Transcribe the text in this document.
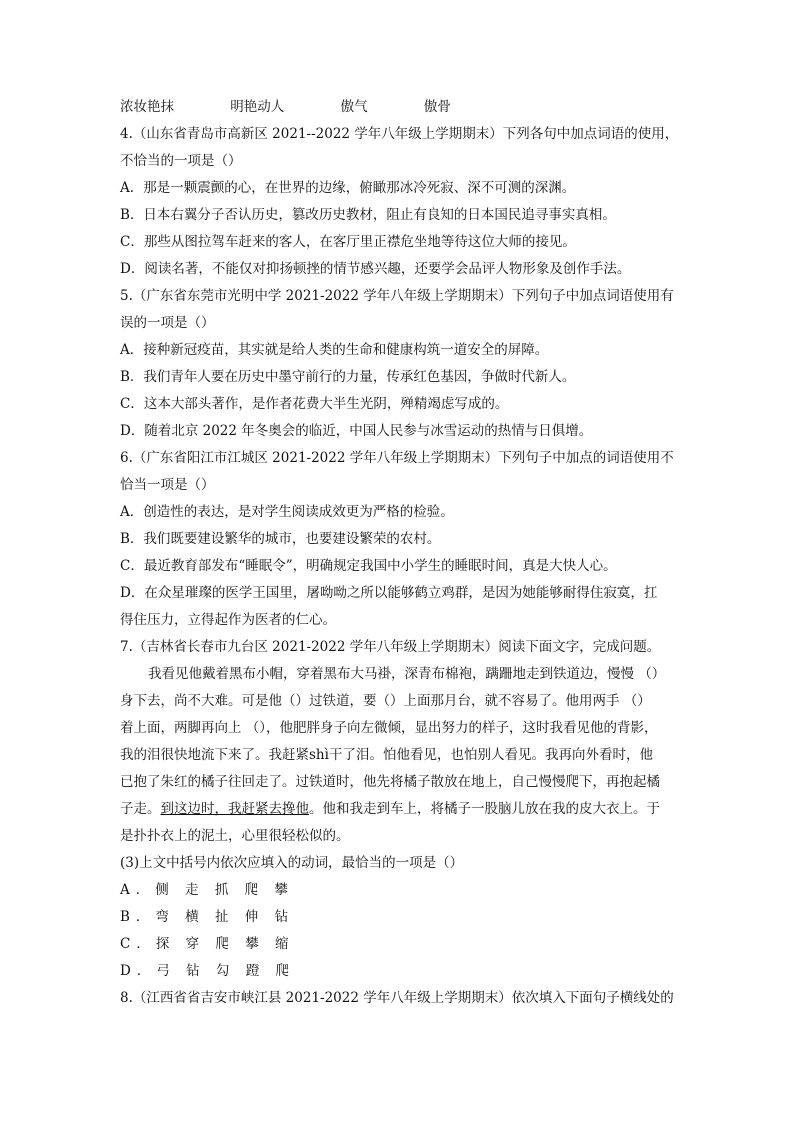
浓妆艳抹	明艳动人	傲气	傲骨
4.（山东省青岛市高新区 2021--2022 学年八年级上学期期末）下列各句中加点词语的使用，
不恰当的一项是（）
A．那是一颗震颤的心，在世界的边缘，俯瞰那冰冷死寂、深不可测的深渊。
B．日本右翼分子否认历史，篡改历史教材，阻止有良知的日本国民追寻事实真相。
C．那些从图拉驾车赶来的客人，在客厅里正襟危坐地等待这位大师的接见。
D．阅读名著，不能仅对抑扬顿挫的情节感兴趣，还要学会品评人物形象及创作手法。
5.（广东省东莞市光明中学 2021-2022 学年八年级上学期期末）下列句子中加点词语使用有
误的一项是（）
A．接种新冠疫苗，其实就是给人类的生命和健康构筑一道安全的屏障。
B．我们青年人要在历史中墨守前行的力量，传承红色基因，争做时代新人。
C．这本大部头著作，是作者花费大半生光阴，殚精竭虑写成的。
D．随着北京 2022 年冬奥会的临近，中国人民参与冰雪运动的热情与日俱增。
6.（广东省阳江市江城区 2021-2022 学年八年级上学期期末）下列句子中加点的词语使用不
恰当一项是（）
A．创造性的表达，是对学生阅读成效更为严格的检验。
B．我们既要建设繁华的城市，也要建设繁荣的农村。
C．最近教育部发布“睡眠令”，明确规定我国中小学生的睡眠时间，真是大快人心。
D．在众星璀璨的医学王国里，屠呦呦之所以能够鹤立鸡群，是因为她能够耐得住寂寞，扛
得住压力，立得起作为医者的仁心。
7.（吉林省长春市九台区 2021-2022 学年八年级上学期期末）阅读下面文字，完成问题。
我看见他戴着黑布小帽，穿着黑布大马褂，深青布棉袍，蹒跚地走到铁道边，慢慢 （）
身下去，尚不大难。可是他（）过铁道，要（）上面那月台，就不容易了。他用两手 （）
着上面，两脚再向上 （），他肥胖身子向左微倾，显出努力的样子，这时我看见他的背影，
我的泪很快地流下来了。我赶紧shì干了泪。怕他看见，也怕别人看见。我再向外看时，他
已抱了朱红的橘子往回走了。过铁道时，他先将橘子散放在地上，自己慢慢爬下，再抱起橘
子走。到这边时，我赶紧去搀他。他和我走到车上，将橘子一股脑儿放在我的皮大衣上。于
是扑扑衣上的泥土，心里很轻松似的。
(3)上文中括号内依次应填入的动词，最恰当的一项是（）
A．侧 走 抓 爬 攀
B．弯 横 扯 伸 钻
C．探 穿 爬 攀 缩
D．弓 钻 勾 蹬 爬
8.（江西省省吉安市峡江县 2021-2022 学年八年级上学期期末）依次填入下面句子横线处的
